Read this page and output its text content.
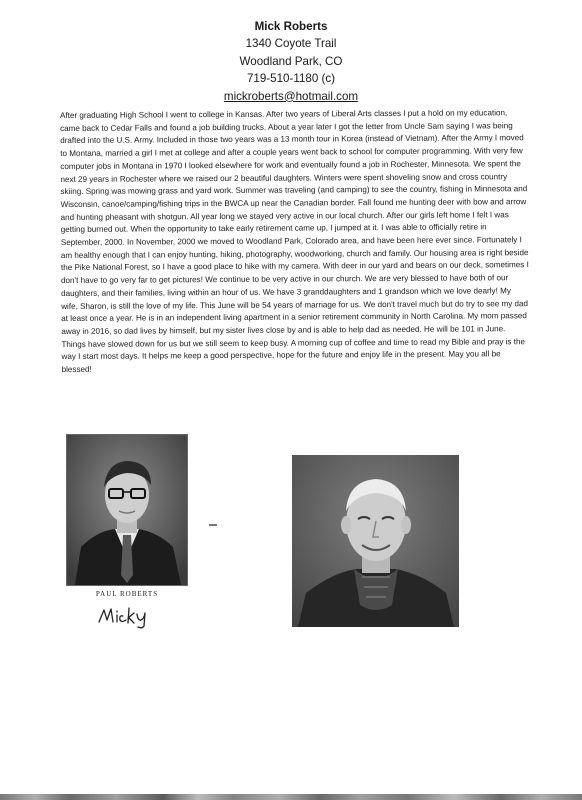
Mick Roberts
1340 Coyote Trail
Woodland Park, CO
719-510-1180 (c)
mickroberts@hotmail.com

After graduating High School I went to college in Kansas. After two years of Liberal Arts classes I put a hold on my education, came back to Cedar Falls and found a job building trucks. About a year later I got the letter from Uncle Sam saying I was being drafted into the U.S. Army. Included in those two years was a 13 month tour in Korea (instead of Vietnam). After the Army I moved to Montana, married a girl I met at college and after a couple years went back to school for computer programming. With very few computer jobs in Montana in 1970 I looked elsewhere for work and eventually found a job in Rochester, Minnesota. We spent the next 29 years in Rochester where we raised our 2 beautiful daughters. Winters were spent shoveling snow and cross country skiing. Spring was mowing grass and yard work. Summer was traveling (and camping) to see the country, fishing in Minnesota and Wisconsin, canoe/camping/fishing trips in the BWCA up near the Canadian border. Fall found me hunting deer with bow and arrow and hunting pheasant with shotgun. All year long we stayed very active in our local church. After our girls left home I felt I was getting burned out. When the opportunity to take early retirement came up, I jumped at it. I was able to officially retire in September, 2000. In November, 2000 we moved to Woodland Park, Colorado area, and have been here ever since. Fortunately I am healthy enough that I can enjoy hunting, hiking, photography, woodworking, church and family. Our housing area is right beside the Pike National Forest, so I have a good place to hike with my camera. With deer in our yard and bears on our deck, sometimes I don't have to go very far to get pictures! We continue to be very active in our church. We are very blessed to have both of our daughters, and their families, living within an hour of us. We have 3 granddaughters and 1 grandson which we love dearly! My wife, Sharon, is still the love of my life. This June will be 54 years of marriage for us. We don't travel much but do try to see my dad at least once a year. He is in an independent living apartment in a senior retirement community in North Carolina. My mom passed away in 2016, so dad lives by himself, but my sister lives close by and is able to help dad as needed. He will be 101 in June. Things have slowed down for us but we still seem to keep busy. A morning cup of coffee and time to read my Bible and pray is the way I start most days. It helps me keep a good perspective, hope for the future and enjoy life in the present. May you all be blessed!

PAUL ROBERTS
